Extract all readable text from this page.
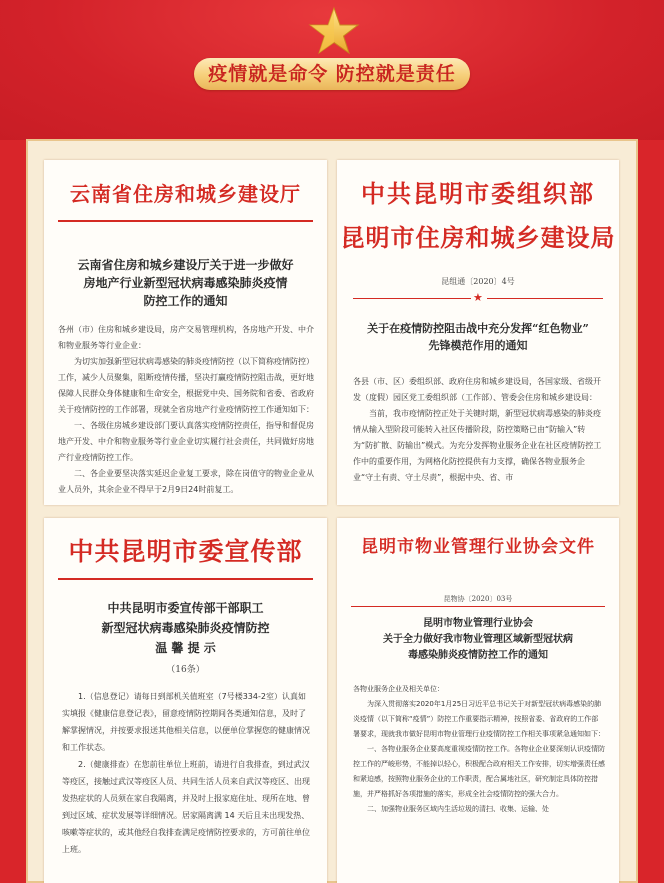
疫情就是命令 防控就是责任
云南省住房和城乡建设厅
云南省住房和城乡建设厅关于进一步做好
房地产行业新型冠状病毒感染肺炎疫情
防控工作的通知

各州（市）住房和城乡建设局，房产交易管理机构，各房地产开发、中介和物业服务等行业企业：

为切实加强新型冠状病毒感染的肺炎疫情防控（以下简称疫情防控）工作，减少人员聚集，阻断疫情传播，坚决打赢疫情防控阻击战，更好地保障人民群众身体健康和生命安全，根据党中央、国务院和省委、省政府关于疫情防控的工作部署，现就全省房地产行业疫情防控工作通知如下：

一、各级住房城乡建设部门要认真落实疫情防控责任，指导和督促房地产开发、中介和物业服务等行业企业切实履行社会责任，共同做好房地产行业疫情防控工作。

二、各企业要坚决落实延迟企业复工要求，除在岗值守的物业企业从业人员外，其余企业不得早于2月9日24时前复工。

中共昆明市委组织部
昆明市住房和城乡建设局
昆组通〔2020〕4号
★
关于在疫情防控阻击战中充分发挥“红色物业”
先锋模范作用的通知

各县（市、区）委组织部、政府住房和城乡建设局，各国家级、省级开发（度假）园区党工委组织部（工作部）、管委会住房和城乡建设局：

当前，我市疫情防控正处于关键时期，新型冠状病毒感染的肺炎疫情从输入型阶段可能转入社区传播阶段，防控策略已由“防输入”转为“防扩散、防输出”模式。为充分发挥物业服务企业在社区疫情防控工作中的重要作用，为网格化防控提供有力支撑，确保各物业服务企业“守土有责、守土尽责”，根据中央、省、市

中共昆明市委宣传部
中共昆明市委宣传部干部职工
新型冠状病毒感染肺炎疫情防控
温 馨 提 示
（16条）

1.（信息登记）请每日到部机关值班室（7号楼334-2室）认真如实填报《健康信息登记表》，留意疫情防控期间各类通知信息，及时了解掌握情况，并按要求报送其他相关信息，以便单位掌握您的健康情况和工作状态。

2.（健康排查）在您前往单位上班前，请进行自我排查，到过武汉等疫区，接触过武汉等疫区人员、共同生活人员来自武汉等疫区、出现发热症状的人员须在家自我隔离，并及时上报家庭住址、现所在地、曾到过区域、症状发展等详细情况。居家隔离满 14 天后且未出现发热、咳嗽等症状的，或其他经自我排查满足疫情防控要求的，方可前往单位上班。

昆明市物业管理行业协会文件
昆物协〔2020〕03号
昆明市物业管理行业协会
关于全力做好我市物业管理区域新型冠状病
毒感染肺炎疫情防控工作的通知

各物业服务企业及相关单位：

为深入贯彻落实2020年1月25日习近平总书记关于对新型冠状病毒感染的肺炎疫情（以下简称“疫情”）防控工作重要指示精神，按照省委、省政府的工作部署要求，现就我市做好昆明市物业管理行业疫情防控工作相关事项紧急通知如下：

一、各物业服务企业要高度重视疫情防控工作。各物业企业要深刻认识疫情防控工作的严峻形势，不能掉以轻心，积极配合政府相关工作安排，切实增强责任感和紧迫感，按照物业服务企业的工作职责，配合属地社区，研究制定具体防控措施，并严格抓好各项措施的落实，形成全社会疫情防控的强大合力。

二、加强物业服务区域内生活垃圾的清扫、收集、运输、处
